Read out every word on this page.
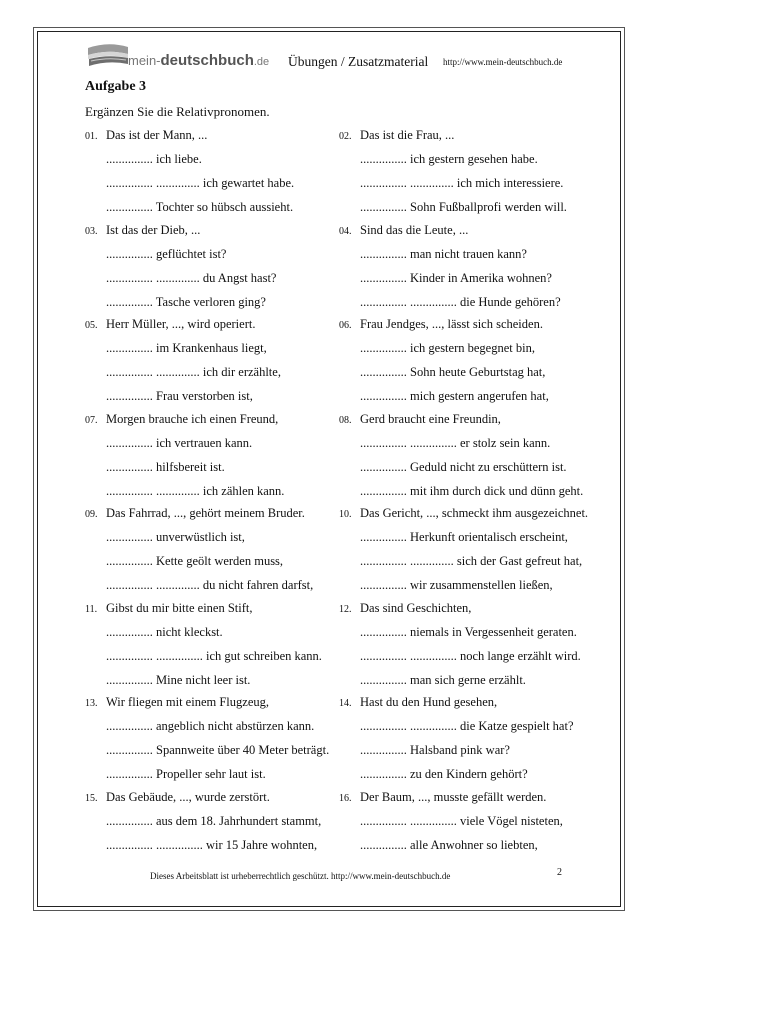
mein-deutschbuch.de Übungen / Zusatzmaterial http://www.mein-deutschbuch.de
Aufgabe 3
Ergänzen Sie die Relativpronomen.
01. Das ist der Mann, ...
............... ich liebe.
............... .............. ich gewartet habe.
............... Tochter so hübsch aussieht.
03. Ist das der Dieb, ...
............... geflüchtet ist?
............... .............. du Angst hast?
............... Tasche verloren ging?
05. Herr Müller, ..., wird operiert.
............... im Krankenhaus liegt,
............... .............. ich dir erzählte,
............... Frau verstorben ist,
07. Morgen brauche ich einen Freund,
............... ich vertrauen kann.
............... hilfsbereit ist.
............... .............. ich zählen kann.
09. Das Fahrrad, ..., gehört meinem Bruder.
............... unverwüstlich ist,
............... Kette geölt werden muss,
............... .............. du nicht fahren darfst,
11. Gibst du mir bitte einen Stift,
............... nicht kleckst.
............... ............... ich gut schreiben kann.
............... Mine nicht leer ist.
13. Wir fliegen mit einem Flugzeug,
............... angeblich nicht abstürzen kann.
............... Spannweite über 40 Meter beträgt.
............... Propeller sehr laut ist.
15. Das Gebäude, ..., wurde zerstört.
............... aus dem 18. Jahrhundert stammt,
............... ............... wir 15 Jahre wohnten,
02. Das ist die Frau, ...
............... ich gestern gesehen habe.
............... .............. ich mich interessiere.
............... Sohn Fußballprofi werden will.
04. Sind das die Leute, ...
............... man nicht trauen kann?
............... Kinder in Amerika wohnen?
............... ............... die Hunde gehören?
06. Frau Jendges, ..., lässt sich scheiden.
............... ich gestern begegnet bin,
............... Sohn heute Geburtstag hat,
............... mich gestern angerufen hat,
08. Gerd braucht eine Freundin,
............... ............... er stolz sein kann.
............... Geduld nicht zu erschüttern ist.
............... mit ihm durch dick und dünn geht.
10. Das Gericht, ..., schmeckt ihm ausgezeichnet.
............... Herkunft orientalisch erscheint,
............... .............. sich der Gast gefreut hat,
............... wir zusammenstellen ließen,
12. Das sind Geschichten,
............... niemals in Vergessenheit geraten.
............... ............... noch lange erzählt wird.
............... man sich gerne erzählt.
14. Hast du den Hund gesehen,
............... ............... die Katze gespielt hat?
............... Halsband pink war?
............... zu den Kindern gehört?
16. Der Baum, ..., musste gefällt werden.
............... ............... viele Vögel nisteten,
............... alle Anwohner so liebten,
Dieses Arbeitsblatt ist urheberrechtlich geschützt. http://www.mein-deutschbuch.de	2
